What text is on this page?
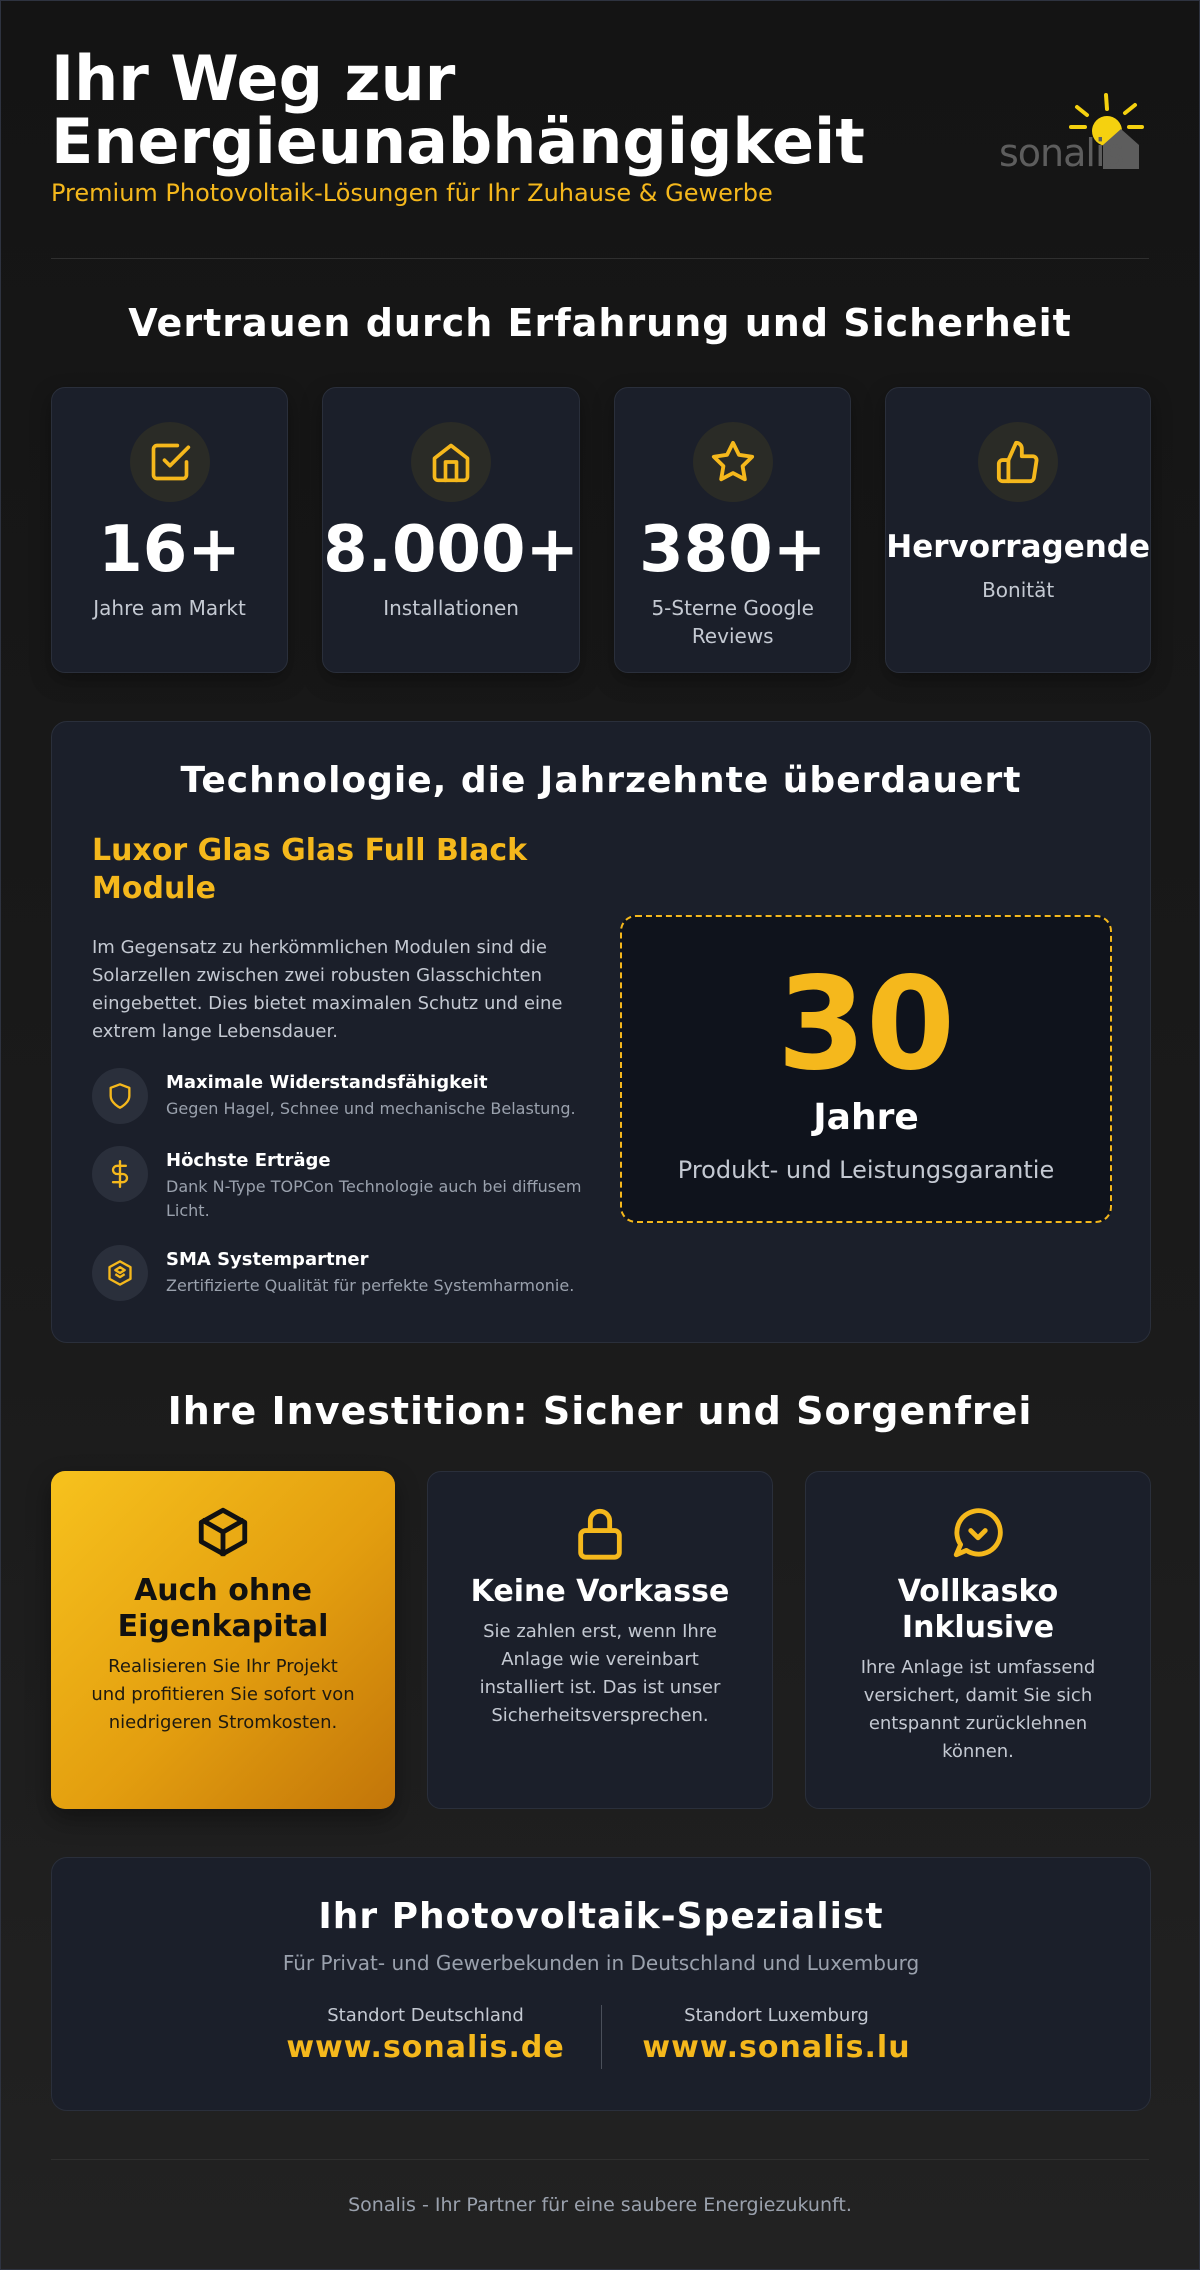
Ihr Weg zur Energieunabhängigkeit
Premium Photovoltaik-Lösungen für Ihr Zuhause & Gewerbe
sonalis
Vertrauen durch Erfahrung und Sicherheit
16+
Jahre am Markt
8.000+
Installationen
380+
5-Sterne Google Reviews
Hervorragende
Bonität
Technologie, die Jahrzehnte überdauert
Luxor Glas Glas Full Black Module

Im Gegensatz zu herkömmlichen Modulen sind die Solarzellen zwischen zwei robusten Glasschichten eingebettet. Dies bietet maximalen Schutz und eine extrem lange Lebensdauer.

Maximale Widerstandsfähigkeit
Gegen Hagel, Schnee und mechanische Belastung.
Höchste Erträge
Dank N-Type TOPCon Technologie auch bei diffusem Licht.
SMA Systempartner
Zertifizierte Qualität für perfekte Systemharmonie.
30
Jahre
Produkt- und Leistungsgarantie
Ihre Investition: Sicher und Sorgenfrei
Auch ohne Eigenkapital
Realisieren Sie Ihr Projekt und profitieren Sie sofort von niedrigeren Stromkosten.
Keine Vorkasse
Sie zahlen erst, wenn Ihre Anlage wie vereinbart installiert ist. Das ist unser Sicherheitsversprechen.
Vollkasko Inklusive
Ihre Anlage ist umfassend versichert, damit Sie sich entspannt zurücklehnen können.
Ihr Photovoltaik-Spezialist
Für Privat- und Gewerbekunden in Deutschland und Luxemburg
Standort Deutschland
www.sonalis.de
Standort Luxemburg
www.sonalis.lu
Sonalis - Ihr Partner für eine saubere Energiezukunft.
